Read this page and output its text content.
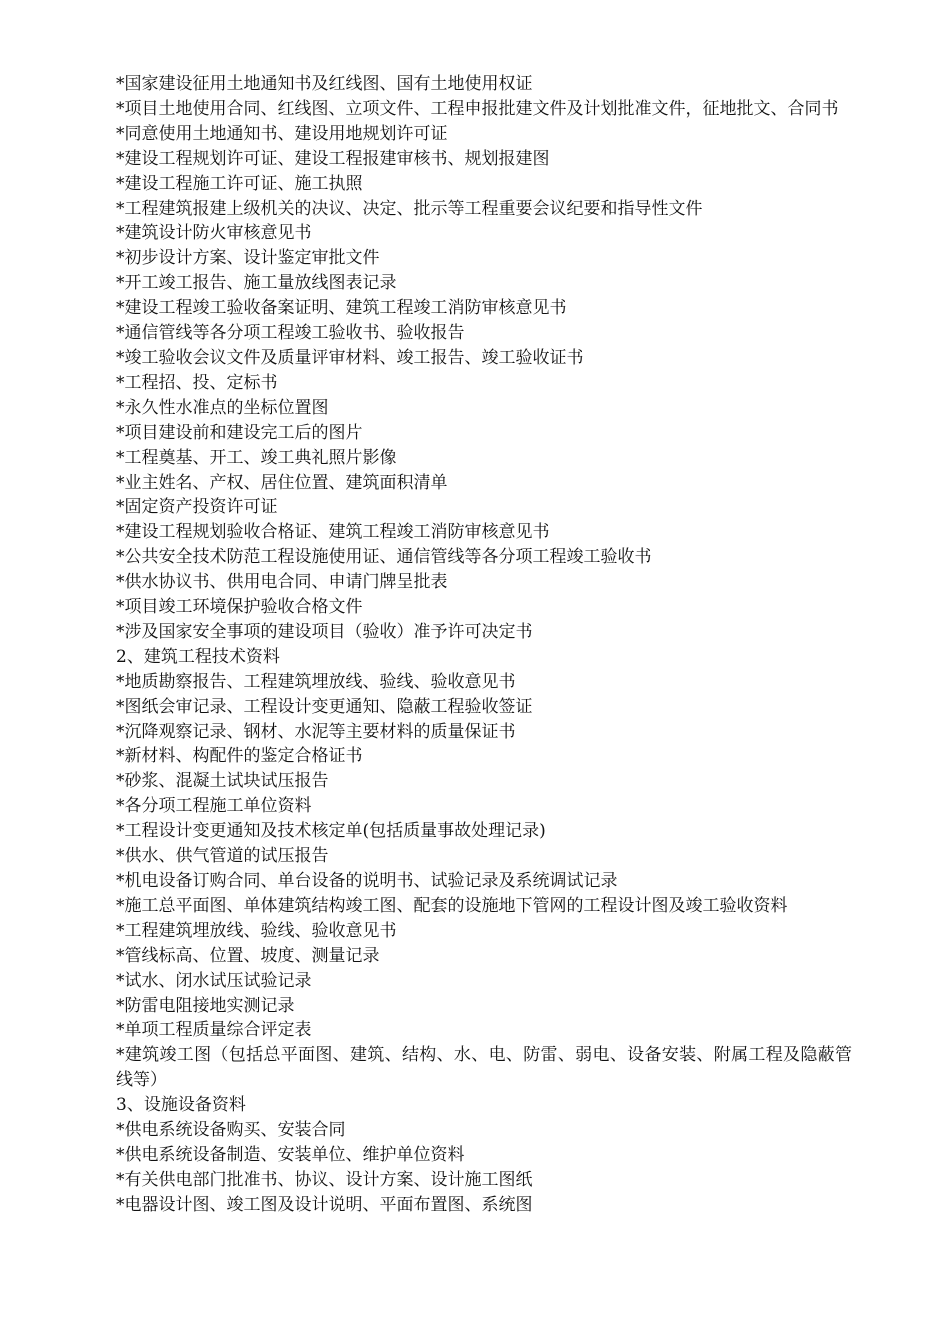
*国家建设征用土地通知书及红线图、国有土地使用权证

*项目土地使用合同、红线图、立项文件、工程申报批建文件及计划批准文件，征地批文、合同书

*同意使用土地通知书、建设用地规划许可证

*建设工程规划许可证、建设工程报建审核书、规划报建图

*建设工程施工许可证、施工执照

*工程建筑报建上级机关的决议、决定、批示等工程重要会议纪要和指导性文件

*建筑设计防火审核意见书

*初步设计方案、设计鉴定审批文件

*开工竣工报告、施工量放线图表记录

*建设工程竣工验收备案证明、建筑工程竣工消防审核意见书

*通信管线等各分项工程竣工验收书、验收报告

*竣工验收会议文件及质量评审材料、竣工报告、竣工验收证书

*工程招、投、定标书

*永久性水准点的坐标位置图

*项目建设前和建设完工后的图片

*工程奠基、开工、竣工典礼照片影像

*业主姓名、产权、居住位置、建筑面积清单

*固定资产投资许可证

*建设工程规划验收合格证、建筑工程竣工消防审核意见书

*公共安全技术防范工程设施使用证、通信管线等各分项工程竣工验收书

*供水协议书、供用电合同、申请门牌呈批表

*项目竣工环境保护验收合格文件

*涉及国家安全事项的建设项目（验收）准予许可决定书

2、建筑工程技术资料

*地质勘察报告、工程建筑埋放线、验线、验收意见书

*图纸会审记录、工程设计变更通知、隐蔽工程验收签证

*沉降观察记录、钢材、水泥等主要材料的质量保证书

*新材料、构配件的鉴定合格证书

*砂浆、混凝土试块试压报告

*各分项工程施工单位资料

*工程设计变更通知及技术核定单(包括质量事故处理记录)

*供水、供气管道的试压报告

*机电设备订购合同、单台设备的说明书、试验记录及系统调试记录

*施工总平面图、单体建筑结构竣工图、配套的设施地下管网的工程设计图及竣工验收资料

*工程建筑埋放线、验线、验收意见书

*管线标高、位置、坡度、测量记录

*试水、闭水试压试验记录

*防雷电阻接地实测记录

*单项工程质量综合评定表

*建筑竣工图（包括总平面图、建筑、结构、水、电、防雷、弱电、设备安装、附属工程及隐蔽管线等）

3、设施设备资料

*供电系统设备购买、安装合同

*供电系统设备制造、安装单位、维护单位资料

*有关供电部门批准书、协议、设计方案、设计施工图纸

*电器设计图、竣工图及设计说明、平面布置图、系统图
